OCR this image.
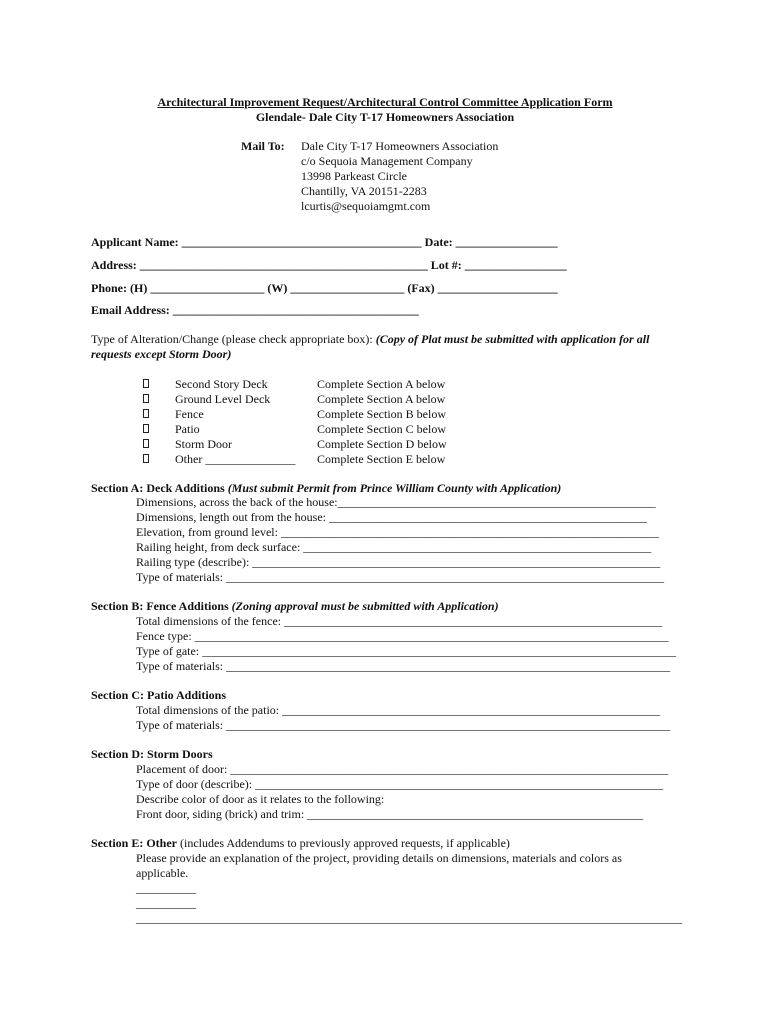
Architectural Improvement Request/Architectural Control Committee Application Form
Glendale- Dale City T-17 Homeowners Association
Mail To: Dale City T-17 Homeowners Association
c/o Sequoia Management Company
13998 Parkeast Circle
Chantilly, VA 20151-2283
lcurtis@sequoiamgmt.com
Applicant Name: ________________________________________ Date: _________________
Address: ________________________________________________ Lot #: _________________
Phone: (H) ___________________ (W) ___________________ (Fax) ____________________
Email Address: _________________________________________
Type of Alteration/Change (please check appropriate box): (Copy of Plat must be submitted with application for all
requests except Storm Door)
Second Story Deck	Complete Section A below

Ground Level Deck	Complete Section A below

Fence	Complete Section B below

Patio	Complete Section C below

Storm Door	Complete Section D below

Other _______________ Complete Section E below

Section A: Deck Additions (Must submit Permit from Prince William County with Application)
Dimensions, across the back of the house:_____________________________________________________
Dimensions, length out from the house: _____________________________________________________
Elevation, from ground level: _______________________________________________________________
Railing height, from deck surface: __________________________________________________________
Railing type (describe): ____________________________________________________________________
Type of materials: _________________________________________________________________________
Section B: Fence Additions (Zoning approval must be submitted with Application)
Total dimensions of the fence: _______________________________________________________________
Fence type: _______________________________________________________________________________
Type of gate: _______________________________________________________________________________
Type of materials: __________________________________________________________________________
Section C: Patio Additions
Total dimensions of the patio: _______________________________________________________________
Type of materials: __________________________________________________________________________
Section D: Storm Doors
Placement of door: _________________________________________________________________________
Type of door (describe): ____________________________________________________________________
Describe color of door as it relates to the following:
Front door, siding (brick) and trim: ________________________________________________________
Section E: Other (includes Addendums to previously approved requests, if applicable)
Please provide an explanation of the project, providing details on dimensions, materials and colors as
applicable.
__________
__________
___________________________________________________________________________________________
